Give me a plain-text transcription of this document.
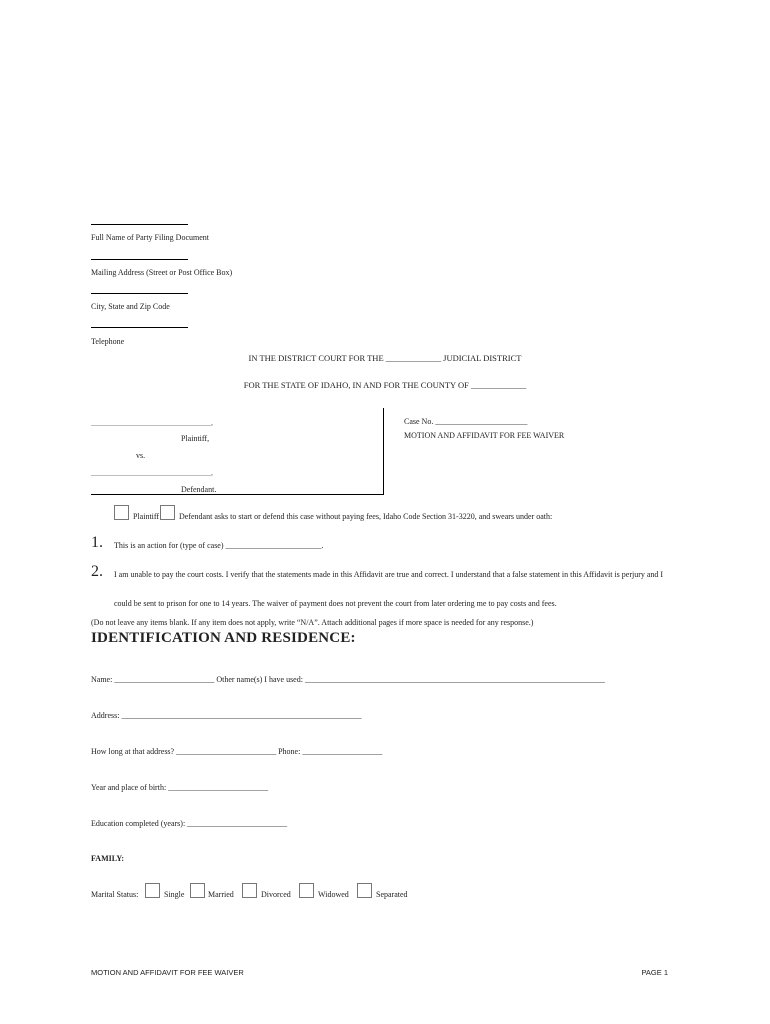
Full Name of Party Filing Document
Mailing Address (Street or Post Office Box)
City, State and Zip Code
Telephone
IN THE DISTRICT COURT FOR THE _____________ JUDICIAL DISTRICT
FOR THE STATE OF IDAHO, IN AND FOR THE COUNTY OF _____________
______________________________,
Plaintiff,
vs.
______________________________,
Defendant.
Case No. _______________________
MOTION AND AFFIDAVIT FOR FEE WAIVER
Plaintiff Defendant asks to start or defend this case without paying fees, Idaho Code Section 31-3220, and swears under oath:
1. This is an action for (type of case) ________________________.
2. I am unable to pay the court costs. I verify that the statements made in this Affidavit are true and correct. I understand that a false statement in this Affidavit is perjury and I
could be sent to prison for one to 14 years. The waiver of payment does not prevent the court from later ordering me to pay costs and fees.
(Do not leave any items blank. If any item does not apply, write “N/A”. Attach additional pages if more space is needed for any response.)
IDENTIFICATION AND RESIDENCE:
Name: _________________________ Other name(s) I have used: ___________________________________________________________________________
Address: ____________________________________________________________
How long at that address? _________________________ Phone: ____________________
Year and place of birth: _________________________
Education completed (years): _________________________
FAMILY:
Marital Status:	Single	Married	Divorced	Widowed	Separated
MOTION AND AFFIDAVIT FOR FEE WAIVER	PAGE 1
